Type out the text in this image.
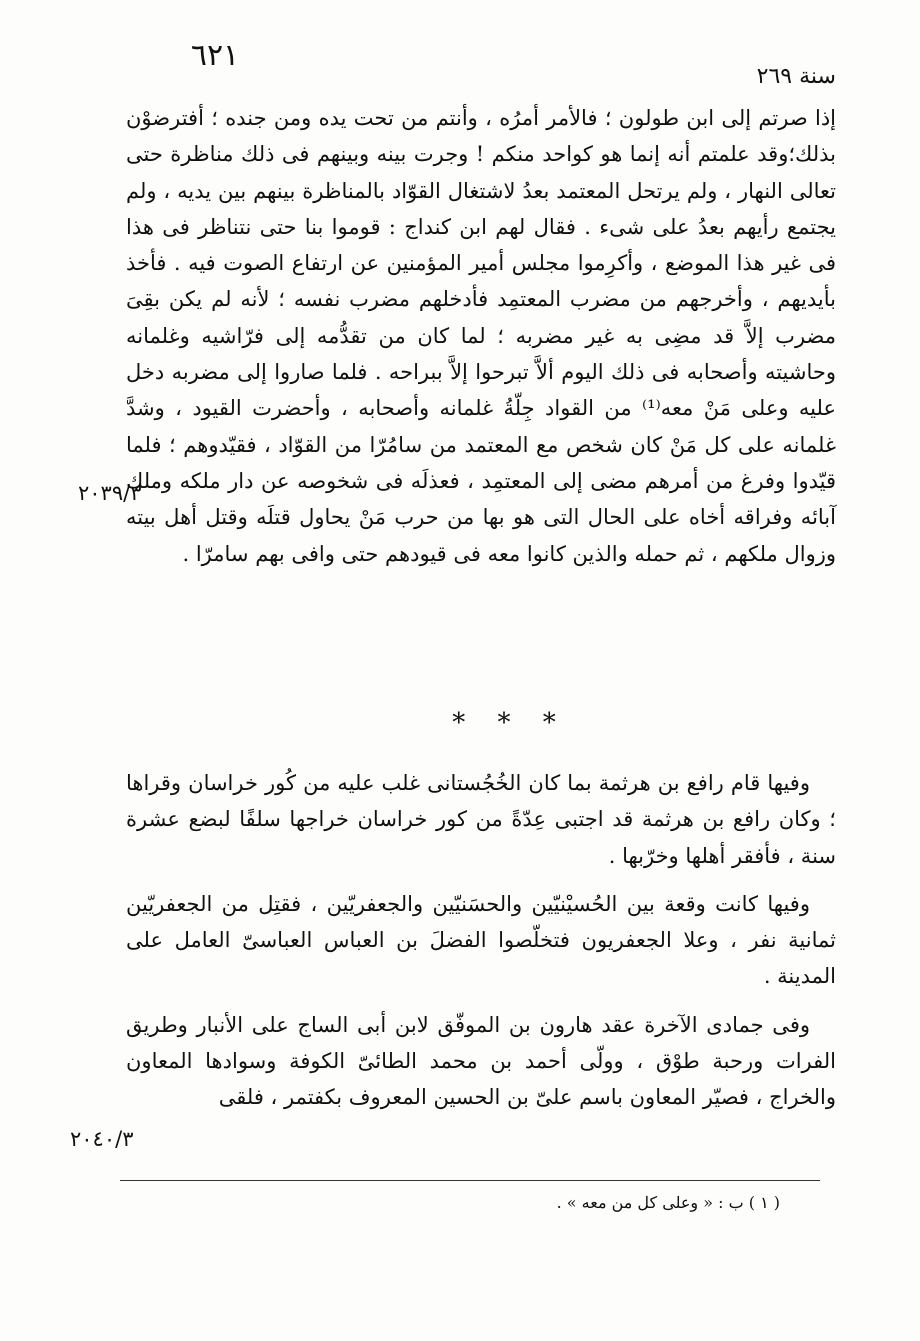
٦٢١
سنة ٢٦٩

إذا صرتم إلى ابن طولون ؛ فالأمر أمرُه ، وأنتم من تحت يده ومن جنده ؛ أفترضوْن بذلك؛وقد علمتم أنه إنما هو كواحد منكم ! وجرت بينه وبينهم فى ذلك مناظرة حتى تعالى النهار ، ولم يرتحل المعتمد بعدُ لاشتغال القوّاد بالمناظرة بينهم بين يديه ، ولم يجتمع رأيهم بعدُ على شىء . فقال لهم ابن كنداج : قوموا بنا حتى نتناظر فى هذا فى غير هذا الموضع ، وأكرِموا مجلس أمير المؤمنين عن ارتفاع الصوت فيه . فأخذ بأيديهم ، وأخرجهم من مضرب المعتمِد فأدخلهم مضرب نفسه ؛ لأنه لم يكن بقِىَ مضرب إلاَّ قد مضِى به غير مضربه ؛ لما كان من تقدُّمه إلى فرّاشيه وغلمانه وحاشيته وأصحابه فى ذلك اليوم ألاَّ تبرحوا إلاَّ ببراحه . فلما صاروا إلى مضربه دخل عليه وعلى مَنْ معه⁽¹⁾ من القواد جِلّةُ غلمانه وأصحابه ، وأحضرت القيود ، وشدَّ غلمانه على كل مَنْ كان شخص مع المعتمد من سامُرّا من القوّاد ، فقيّدوهم ؛ فلما قيّدوا وفرغ من أمرهم مضى إلى المعتمِد ، فعذلَه فى شخوصه عن دار ملكه وملك آبائه وفراقه أخاه على الحال التى هو بها من حرب مَنْ يحاول قتلَه وقتل أهل بيته وزوال ملكهم ، ثم حمله والذين كانوا معه فى قيودهم حتى وافى بهم سامرّا .

٢٠٣٩/٣
* * *

وفيها قام رافع بن هرثمة بما كان الخُجُستانى غلب عليه من كُور خراسان وقراها ؛ وكان رافع بن هرثمة قد اجتبى عِدّةً من كور خراسان خراجها سلفًا لبضع عشرة سنة ، فأفقر أهلها وخرّبها .

وفيها كانت وقعة بين الحُسيْنيّين والحسَنيّين والجعفريّين ، فقتِل من الجعفريّين ثمانية نفر ، وعلا الجعفريون فتخلّصوا الفضلَ بن العباس العباسىّ العامل على المدينة .

وفى جمادى الآخرة عقد هارون بن الموفّق لابن أبى الساج على الأنبار وطريق الفرات ورحبة طوْق ، وولّى أحمد بن محمد الطائىّ الكوفة وسوادها المعاون والخراج ، فصيّر المعاون باسم علىّ بن الحسين المعروف بكفتمر ، فلقى

٢٠٤٠/٣
( ١ ) ب : « وعلى كل من معه » .
